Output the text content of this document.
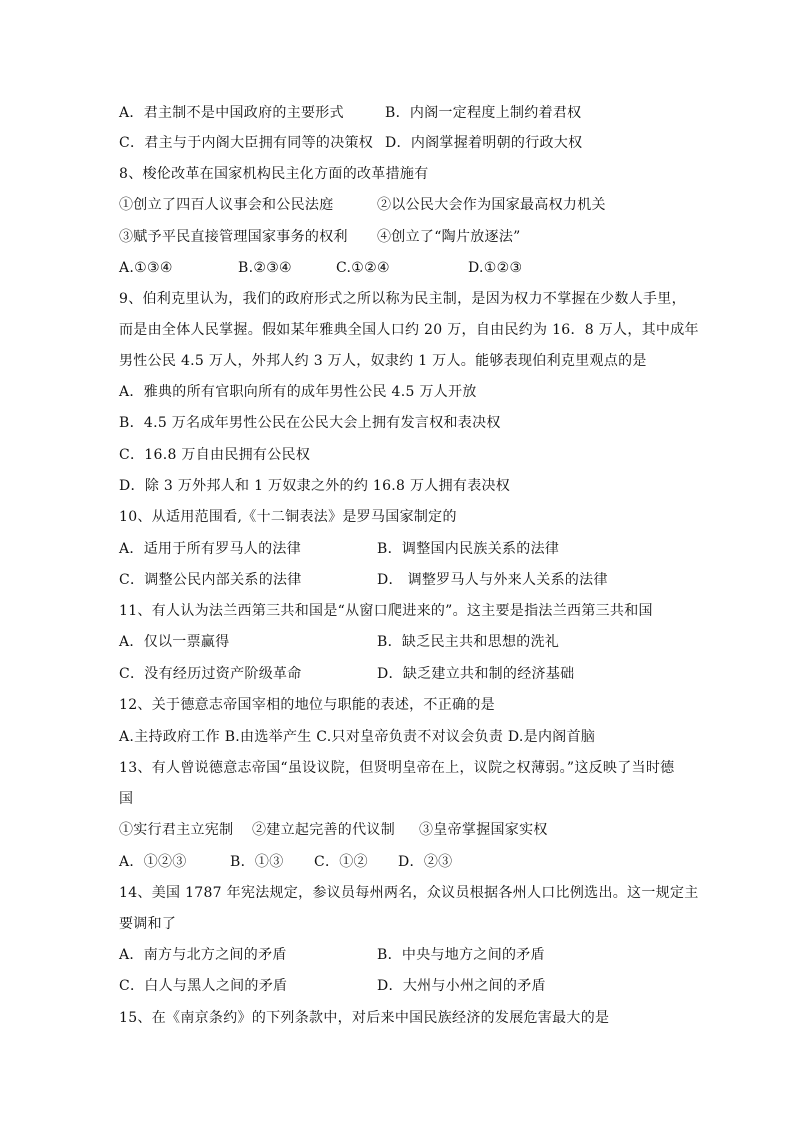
A．君主制不是中国政府的主要形式	B．内阁一定程度上制约着君权
C．君主与于内阁大臣拥有同等的决策权 D．内阁掌握着明朝的行政大权
8、梭伦改革在国家机构民主化方面的改革措施有
①创立了四百人议事会和公民法庭	②以公民大会作为国家最高权力机关
③赋予平民直接管理国家事务的权利 ④创立了“陶片放逐法”
A.①③④	B.②③④	C.①②④	D.①②③
9、伯利克里认为，我们的政府形式之所以称为民主制，是因为权力不掌握在少数人手里，
而是由全体人民掌握。假如某年雅典全国人口约 20 万，自由民约为 16．8 万人，其中成年
男性公民 4.5 万人，外邦人约 3 万人，奴隶约 1 万人。能够表现伯利克里观点的是
A．雅典的所有官职向所有的成年男性公民 4.5 万人开放
B．4.5 万名成年男性公民在公民大会上拥有发言权和表决权
C．16.8 万自由民拥有公民权
D．除 3 万外邦人和 1 万奴隶之外的约 16.8 万人拥有表决权
10、从适用范围看,《十二铜表法》是罗马国家制定的
A．适用于所有罗马人的法律	B．调整国内民族关系的法律
C．调整公民内部关系的法律	D． 调整罗马人与外来人关系的法律
11、有人认为法兰西第三共和国是“从窗口爬进来的”。这主要是指法兰西第三共和国
A．仅以一票赢得	B．缺乏民主共和思想的洗礼
C．没有经历过资产阶级革命	D．缺乏建立共和制的经济基础
12、关于德意志帝国宰相的地位与职能的表述，不正确的是
A.主持政府工作 B.由选举产生 C.只对皇帝负责不对议会负责 D.是内阁首脑
13、有人曾说德意志帝国“虽设议院，但贤明皇帝在上，议院之权薄弱。”这反映了当时德
国
①实行君主立宪制 ②建立起完善的代议制 ③皇帝掌握国家实权
A．①②③	B．①③ C．①② D．②③
14、美国 1787 年宪法规定，参议员每州两名，众议员根据各州人口比例选出。这一规定主
要调和了
A．南方与北方之间的矛盾	B．中央与地方之间的矛盾
C．白人与黑人之间的矛盾	D．大州与小州之间的矛盾
15、在《南京条约》的下列条款中，对后来中国民族经济的发展危害最大的是
